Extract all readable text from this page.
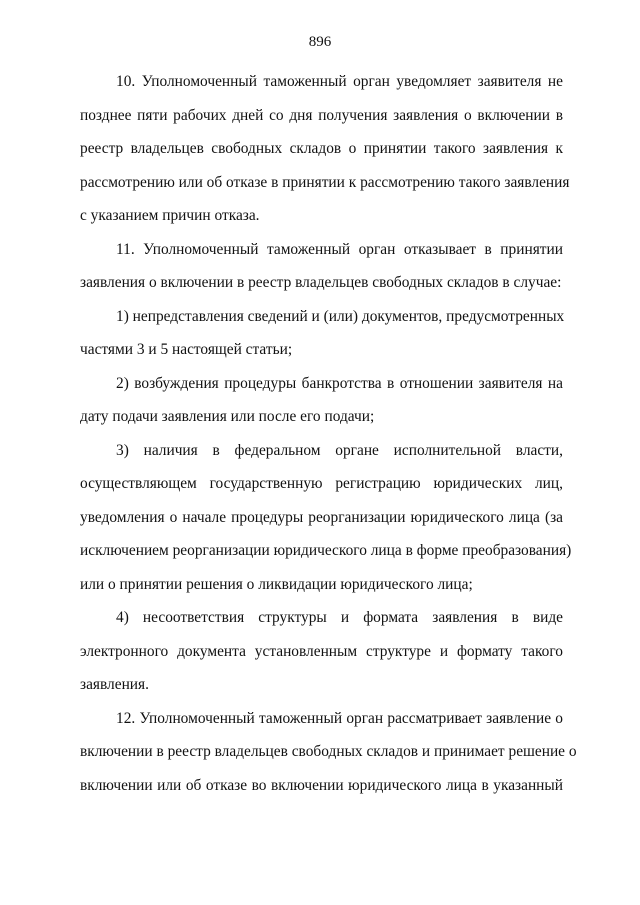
896
10. Уполномоченный таможенный орган уведомляет заявителя не
позднее пяти рабочих дней со дня получения заявления о включении в
реестр владельцев свободных складов о принятии такого заявления к
рассмотрению или об отказе в принятии к рассмотрению такого заявления
с указанием причин отказа.
11. Уполномоченный таможенный орган отказывает в принятии
заявления о включении в реестр владельцев свободных складов в случае:
1) непредставления сведений и (или) документов, предусмотренных
частями 3 и 5 настоящей статьи;
2) возбуждения процедуры банкротства в отношении заявителя на
дату подачи заявления или после его подачи;
3) наличия в федеральном органе исполнительной власти,
осуществляющем государственную регистрацию юридических лиц,
уведомления о начале процедуры реорганизации юридического лица (за
исключением реорганизации юридического лица в форме преобразования)
или о принятии решения о ликвидации юридического лица;
4) несоответствия структуры и формата заявления в виде
электронного документа установленным структуре и формату такого
заявления.
12. Уполномоченный таможенный орган рассматривает заявление о
включении в реестр владельцев свободных складов и принимает решение о
включении или об отказе во включении юридического лица в указанный
